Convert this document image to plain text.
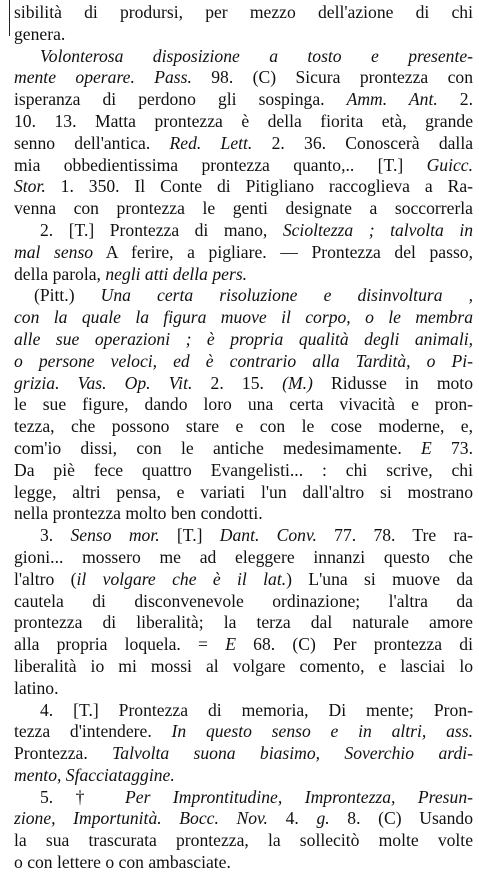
sibilità di prodursi, per mezzo dell'azione di chi
genera.
Volonterosa disposizione a tosto e presente-
mente operare. Pass. 98. (C) Sicura prontezza con
isperanza di perdono gli sospinga. Amm. Ant. 2.
10. 13. Matta prontezza è della fiorita età, grande
senno dell'antica. Red. Lett. 2. 36. Conoscerà dalla
mia obbedientissima prontezza quanto,.. [T.] Guicc.
Stor. 1. 350. Il Conte di Pitigliano raccoglieva a Ra-
venna con prontezza le genti designate a soccorrerla
2. [T.] Prontezza di mano, Scioltezza ; talvolta in
mal senso A ferire, a pigliare. — Prontezza del passo,
della parola, negli atti della pers.
(Pitt.) Una certa risoluzione e disinvoltura ,
con la quale la figura muove il corpo, o le membra
alle sue operazioni ; è propria qualità degli animali,
o persone veloci, ed è contrario alla Tardità, o Pi-
grizia. Vas. Op. Vit. 2. 15. (M.) Ridusse in moto
le sue figure, dando loro una certa vivacità e pron-
tezza, che possono stare e con le cose moderne, e,
com'io dissi, con le antiche medesimamente. E 73.
Da piè fece quattro Evangelisti... : chi scrive, chi
legge, altri pensa, e variati l'un dall'altro si mostrano
nella prontezza molto ben condotti.
3. Senso mor. [T.] Dant. Conv. 77. 78. Tre ra-
gioni... mossero me ad eleggere innanzi questo che
l'altro (il volgare che è il lat.) L'una si muove da
cautela di disconvenevole ordinazione; l'altra da
prontezza di liberalità; la terza dal naturale amore
alla propria loquela. = E 68. (C) Per prontezza di
liberalità io mi mossi al volgare comento, e lasciai lo
latino.
4. [T.] Prontezza di memoria, Di mente; Pron-
tezza d'intendere. In questo senso e in altri, ass.
Prontezza. Talvolta suona biasimo, Soverchio ardi-
mento, Sfacciataggine.
5. † Per Improntitudine, Improntezza, Presun-
zione, Importunità. Bocc. Nov. 4. g. 8. (C) Usando
la sua trascurata prontezza, la sollecitò molte volte
o con lettere o con ambasciate.
